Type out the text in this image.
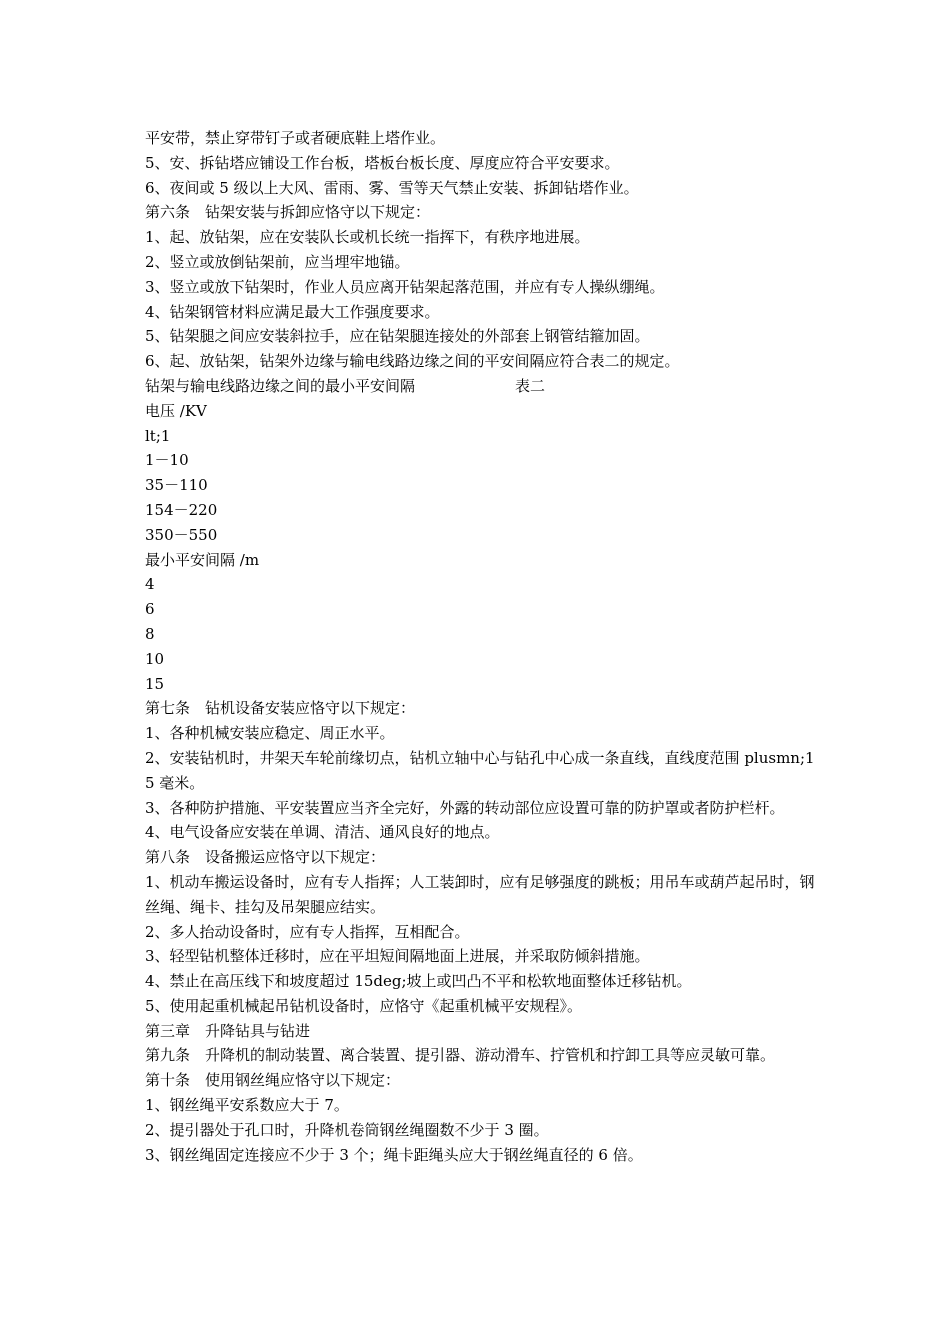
平安带，禁止穿带钉子或者硬底鞋上塔作业。
5、安、拆钻塔应铺设工作台板，塔板台板长度、厚度应符合平安要求。
6、夜间或 5 级以上大风、雷雨、雾、雪等天气禁止安装、拆卸钻塔作业。
第六条　钻架安装与拆卸应恪守以下规定：
1、起、放钻架，应在安装队长或机长统一指挥下，有秩序地进展。
2、竖立或放倒钻架前，应当埋牢地锚。
3、竖立或放下钻架时，作业人员应离开钻架起落范围，并应有专人操纵绷绳。
4、钻架钢管材料应满足最大工作强度要求。
5、钻架腿之间应安装斜拉手，应在钻架腿连接处的外部套上钢管结箍加固。
6、起、放钻架，钻架外边缘与输电线路边缘之间的平安间隔应符合表二的规定。
钻架与输电线路边缘之间的最小平安间隔	表二
电压 /KV
lt;1
1－10
35－110
154－220
350－550
最小平安间隔 /m
4
6
8
10
15
第七条　钻机设备安装应恪守以下规定：
1、各种机械安装应稳定、周正水平。
2、安装钻机时，井架天车轮前缘切点，钻机立轴中心与钻孔中心成一条直线，直线度范围 plusmn;15 毫米。
3、各种防护措施、平安装置应当齐全完好，外露的转动部位应设置可靠的防护罩或者防护栏杆。
4、电气设备应安装在单调、清洁、通风良好的地点。
第八条　设备搬运应恪守以下规定：
1、机动车搬运设备时，应有专人指挥；人工装卸时，应有足够强度的跳板；用吊车或葫芦起吊时，钢丝绳、绳卡、挂勾及吊架腿应结实。
2、多人抬动设备时，应有专人指挥，互相配合。
3、轻型钻机整体迁移时，应在平坦短间隔地面上进展，并采取防倾斜措施。
4、禁止在高压线下和坡度超过 15deg;坡上或凹凸不平和松软地面整体迁移钻机。
5、使用起重机械起吊钻机设备时，应恪守《起重机械平安规程》。
第三章　升降钻具与钻进
第九条　升降机的制动装置、离合装置、提引器、游动滑车、拧管机和拧卸工具等应灵敏可靠。
第十条　使用钢丝绳应恪守以下规定：
1、钢丝绳平安系数应大于 7。
2、提引器处于孔口时，升降机卷筒钢丝绳圈数不少于 3 圈。
3、钢丝绳固定连接应不少于 3 个；绳卡距绳头应大于钢丝绳直径的 6 倍。
